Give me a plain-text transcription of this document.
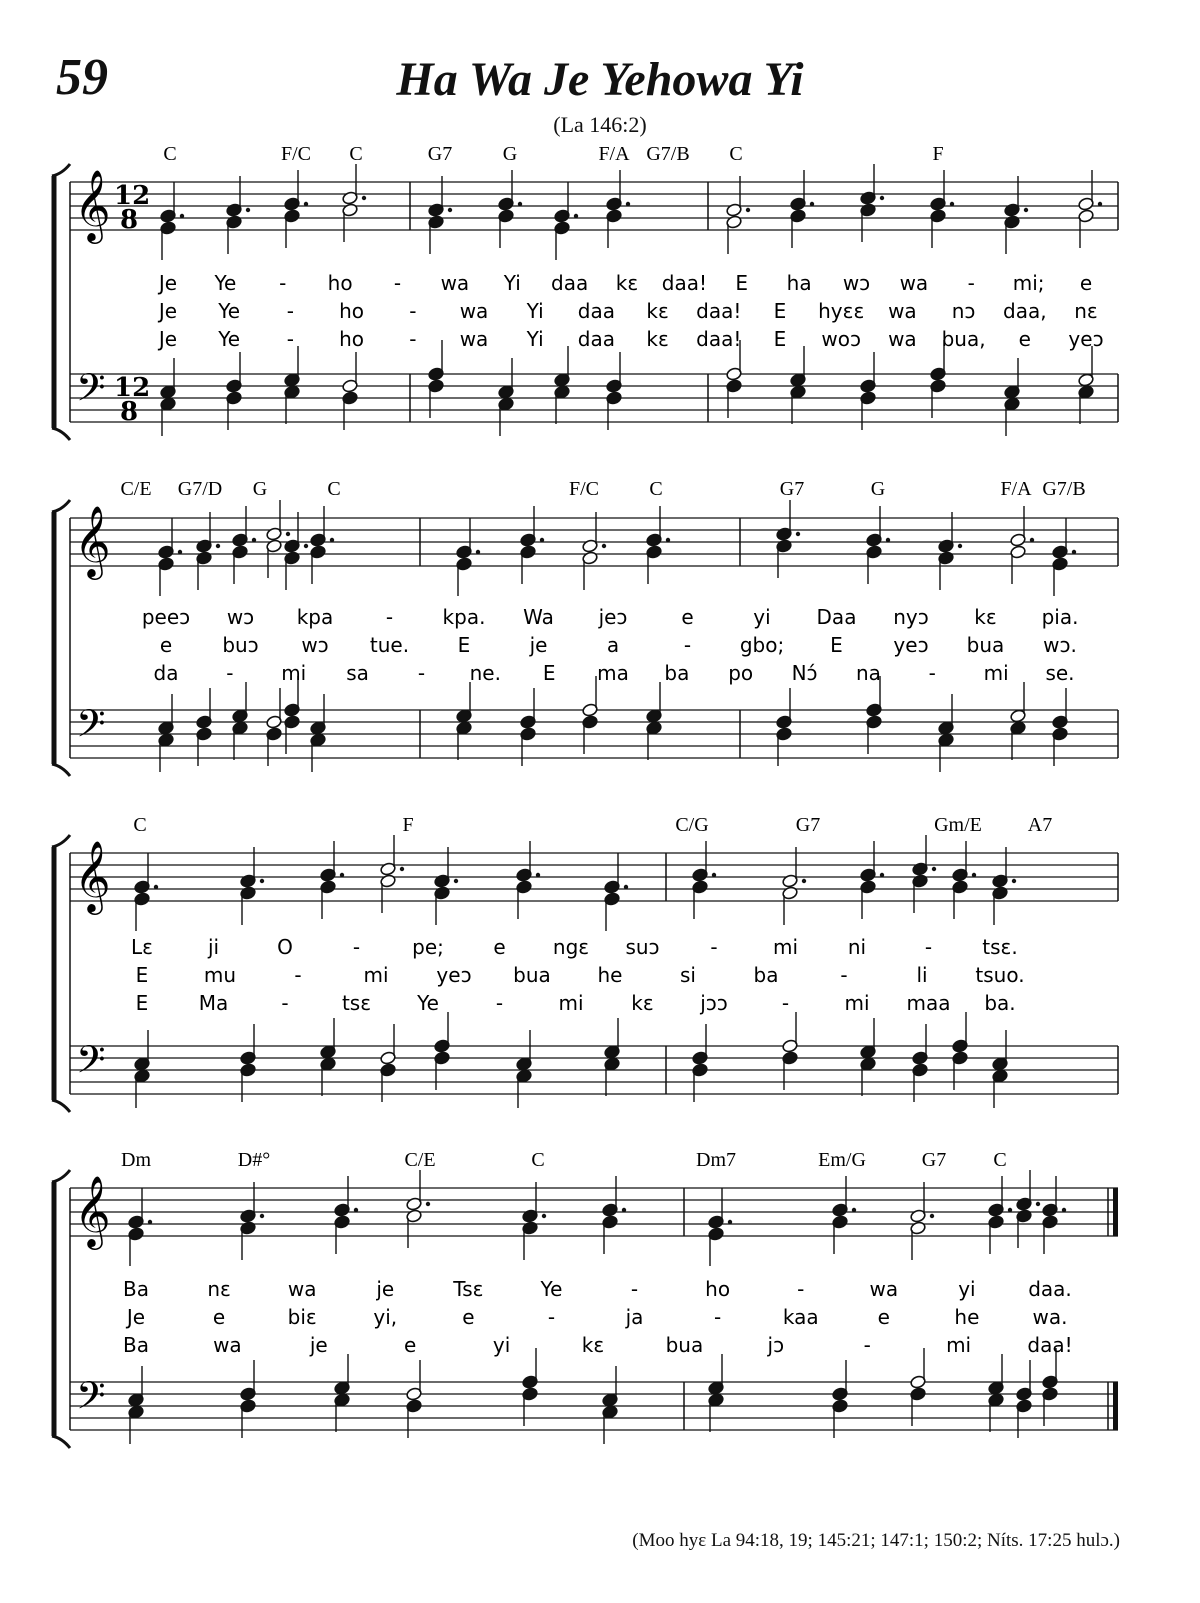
59	Ha Wa Je Yehowa Yi
(La 146:2)
𝄞
𝄢
12
8
12
8
C	F/C C	G7	G	F/A G7/B C	F
Je Ye - ho - wa Yi daa kɛ daa! E ha wɔ wa - mi; e
Je Ye - ho - wa Yi daa kɛ daa! E hyɛɛ wa nɔ daa, nɛ
Je Ye - ho - wa Yi daa kɛ daa! E woɔ wa bua, e yeɔ
𝄞
𝄢
C/E G7/D G	C	F/C	C	G7	G	F/A G7/B
peeɔ wɔ kpa	- kpa. Wa jeɔ	e	yi Daa nyɔ kɛ pia.
e	buɔ wɔ tue. E	je	a	- gbo; E	yeɔ bua wɔ.
da - mi sa - ne. E ma ba po Nɔ́ na - mi se.
𝄞
𝄢
C	F	C/G	G7	Gm/E A7
Lɛ	ji	O	-	pe; e ngɛ suɔ	-	mi ni	-	tsɛ.
E	mu	-	mi yeɔ bua he	si	ba	-	li tsuo.
E	Ma	-	tsɛ Ye	-	mi kɛ jɔɔ	-	mi maa ba.
𝄞
𝄢
Dm	D#°	C/E	C	Dm7	Em/G	G7 C
Ba	nɛ	wa	je	Tsɛ	Ye	-	ho	-	wa	yi	daa.
Je	e	biɛ	yi,	e	-	ja	-	kaa	e	he	wa.
Ba	wa	je	e	yi	kɛ	bua	jɔ	-	mi	daa!
(Moo hyɛ La 94:18, 19; 145:21; 147:1; 150:2; Níts. 17:25 hulɔ.)
